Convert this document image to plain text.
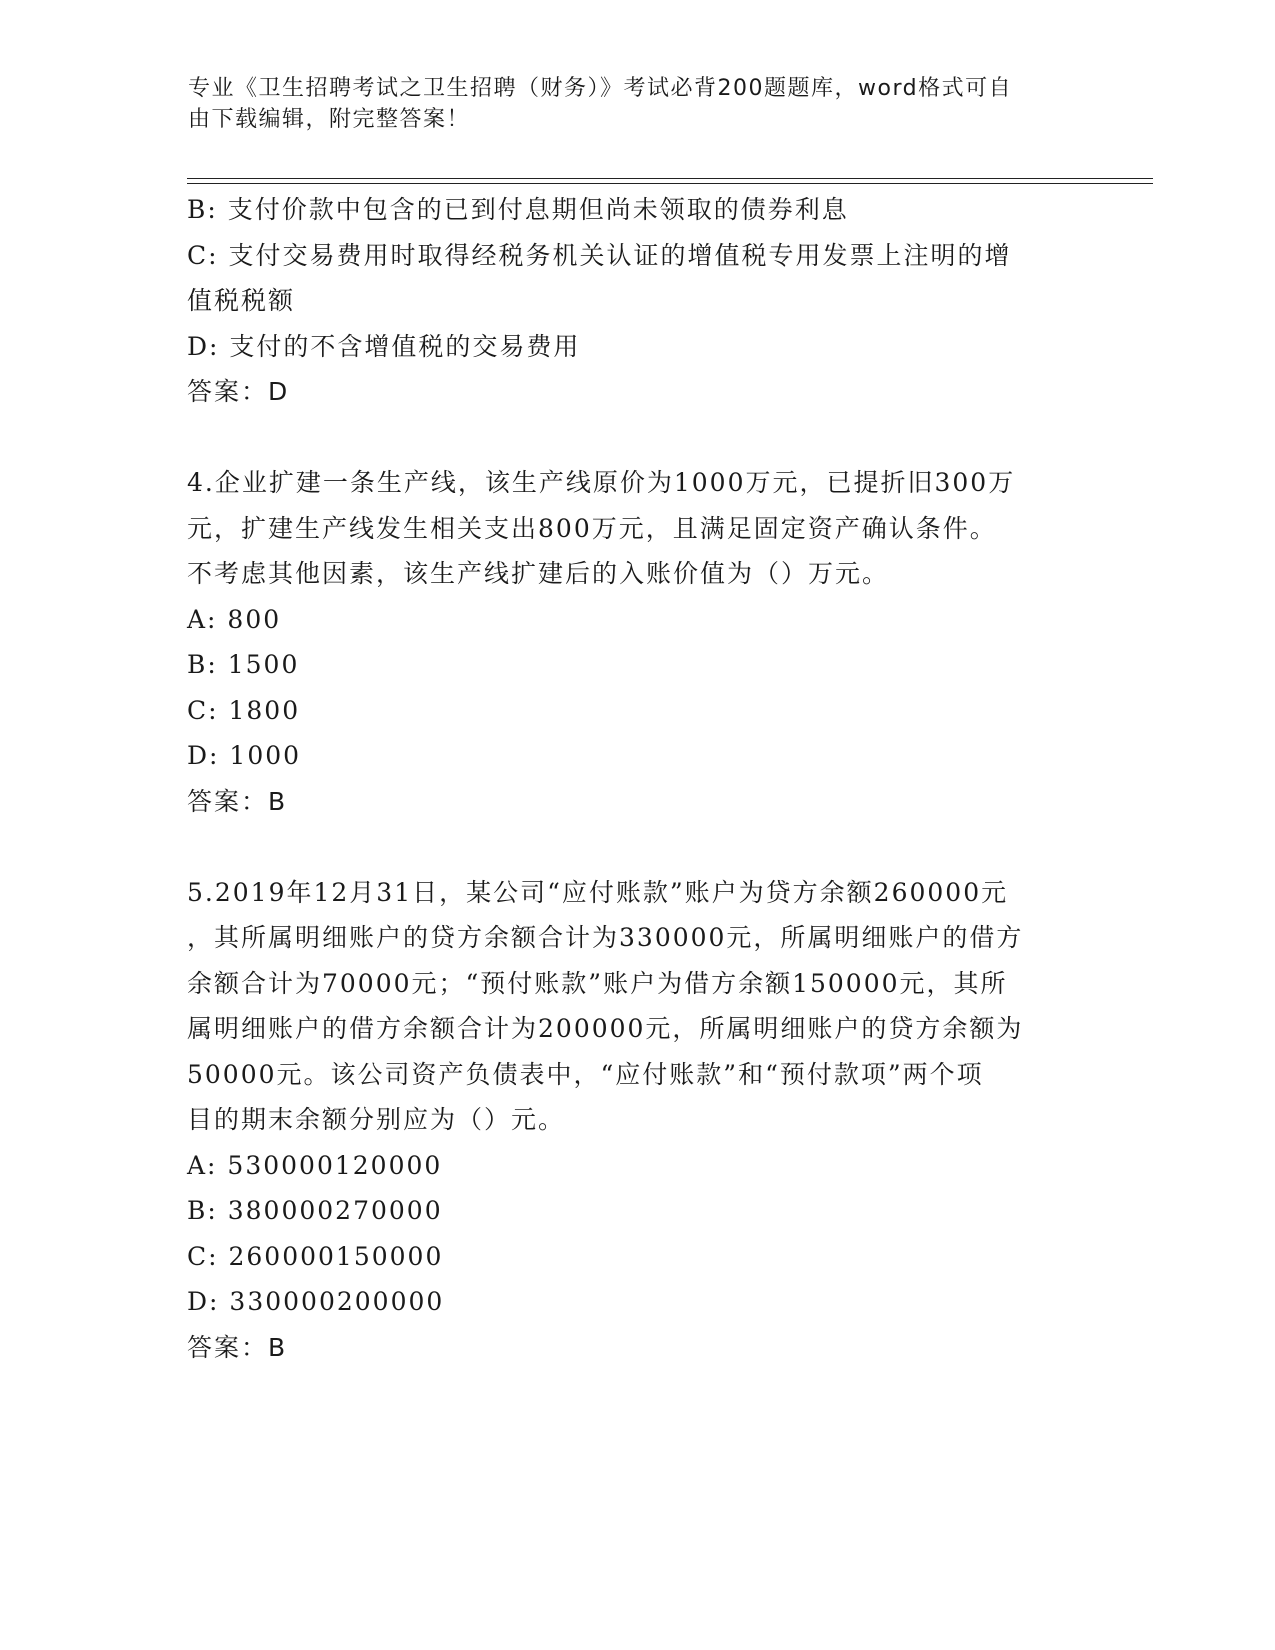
专业《卫生招聘考试之卫生招聘（财务）》考试必背200题题库，word格式可自
由下载编辑，附完整答案！
B: 支付价款中包含的已到付息期但尚未领取的债券利息
C: 支付交易费用时取得经税务机关认证的增值税专用发票上注明的增
值税税额
D: 支付的不含增值税的交易费用
答案：D
4.企业扩建一条生产线，该生产线原价为1000万元，已提折旧300万
元，扩建生产线发生相关支出800万元，且满足固定资产确认条件。
不考虑其他因素，该生产线扩建后的入账价值为（）万元。
A: 800
B: 1500
C: 1800
D: 1000
答案：B
5.2019年12月31日，某公司“应付账款”账户为贷方余额260000元
，其所属明细账户的贷方余额合计为330000元，所属明细账户的借方
余额合计为70000元；“预付账款”账户为借方余额150000元，其所
属明细账户的借方余额合计为200000元，所属明细账户的贷方余额为
50000元。该公司资产负债表中，“应付账款”和“预付款项”两个项
目的期末余额分别应为（）元。
A: 530000120000
B: 380000270000
C: 260000150000
D: 330000200000
答案：B
